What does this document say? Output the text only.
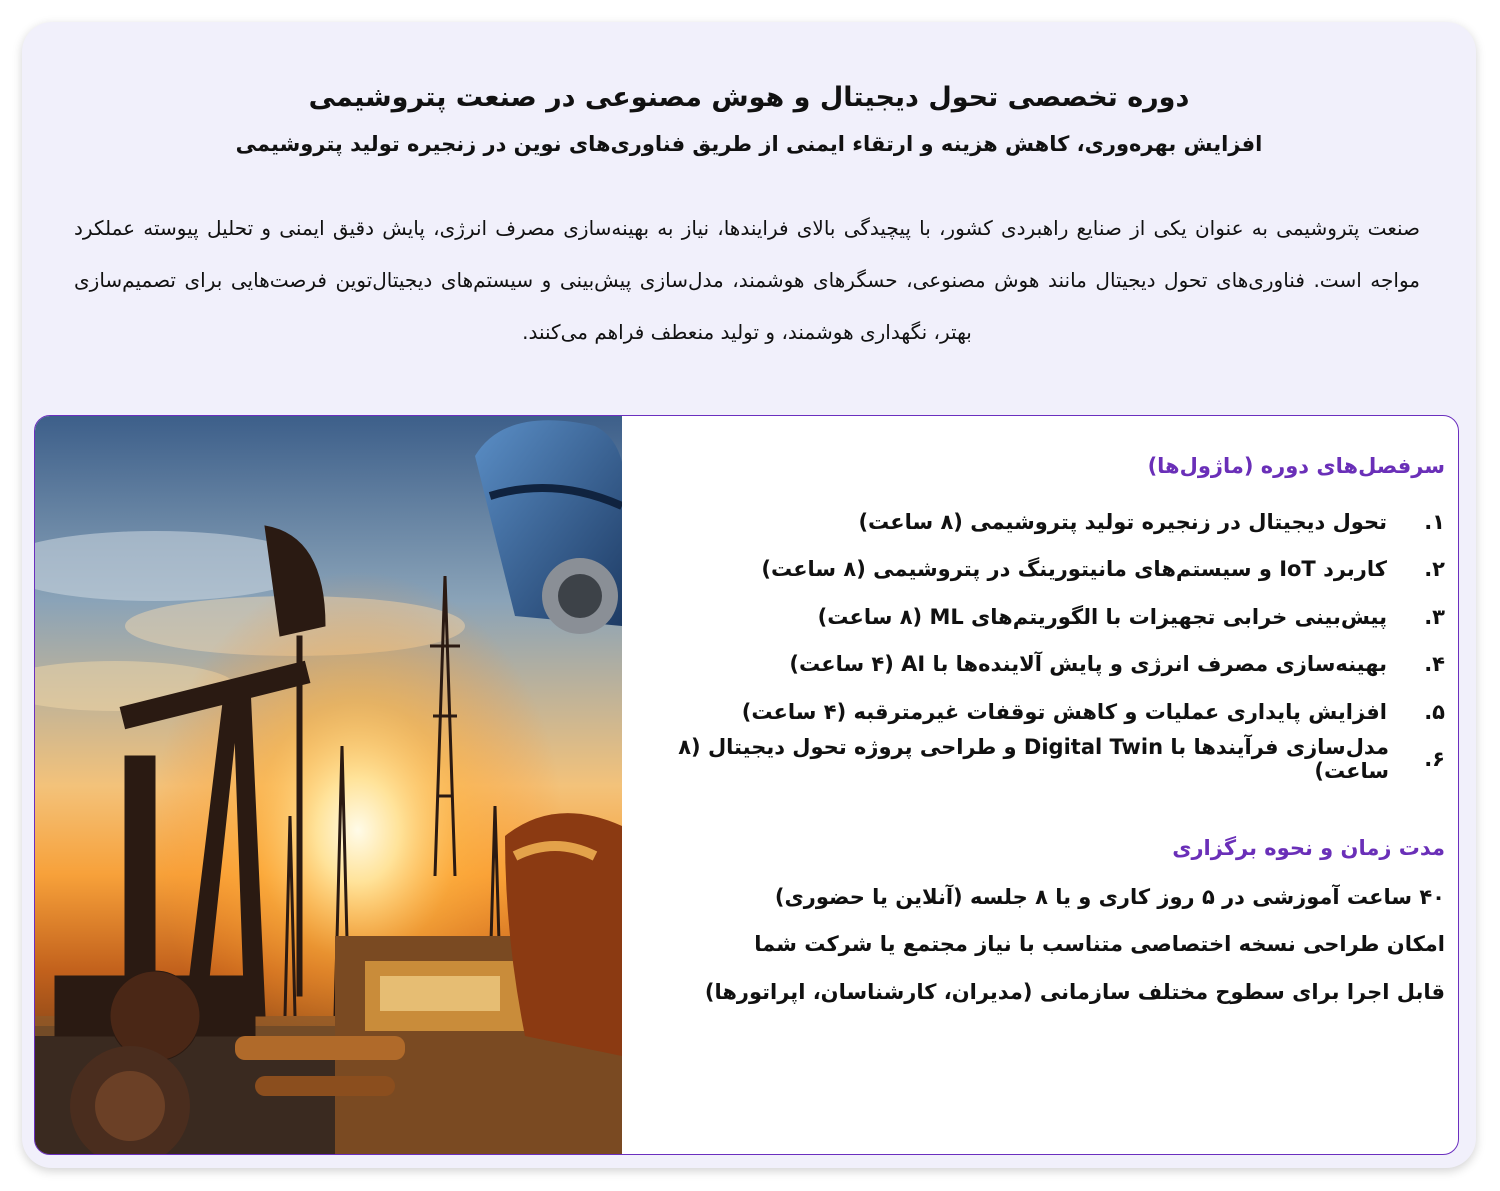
دوره تخصصی تحول دیجیتال و هوش مصنوعی در صنعت پتروشیمی
افزایش بهره‌وری، کاهش هزینه و ارتقاء ایمنی از طریق فناوری‌های نوین در زنجیره تولید پتروشیمی

صنعت پتروشیمی به عنوان یکی از صنایع راهبردی کشور، با پیچیدگی بالای فرایندها، نیاز به بهینه‌سازی مصرف انرژی، پایش دقیق ایمنی و تحلیل پیوسته عملکرد مواجه است. فناوری‌های تحول دیجیتال مانند هوش مصنوعی، حسگرهای هوشمند، مدل‌سازی پیش‌بینی و سیستم‌های دیجیتال‌توین فرصت‌هایی برای تصمیم‌سازی بهتر، نگهداری هوشمند، و تولید منعطف فراهم می‌کنند.

سرفصل‌های دوره (ماژول‌ها)
۱.
تحول دیجیتال در زنجیره تولید پتروشیمی (۸ ساعت)
۲.
کاربرد IoT و سیستم‌های مانیتورینگ در پتروشیمی (۸ ساعت)
۳.
پیش‌بینی خرابی تجهیزات با الگوریتم‌های ML (۸ ساعت)
۴.
بهینه‌سازی مصرف انرژی و پایش آلاینده‌ها با AI (۴ ساعت)
۵.
افزایش پایداری عملیات و کاهش توقفات غیرمترقبه (۴ ساعت)
۶.
مدل‌سازی فرآیندها با Digital Twin و طراحی پروژه تحول دیجیتال (۸ ساعت)
مدت زمان و نحوه برگزاری
۴۰ ساعت آموزشی در ۵ روز کاری و یا ۸ جلسه (آنلاین یا حضوری)
امکان طراحی نسخه اختصاصی متناسب با نیاز مجتمع یا شرکت شما
قابل اجرا برای سطوح مختلف سازمانی (مدیران، کارشناسان، اپراتورها)
